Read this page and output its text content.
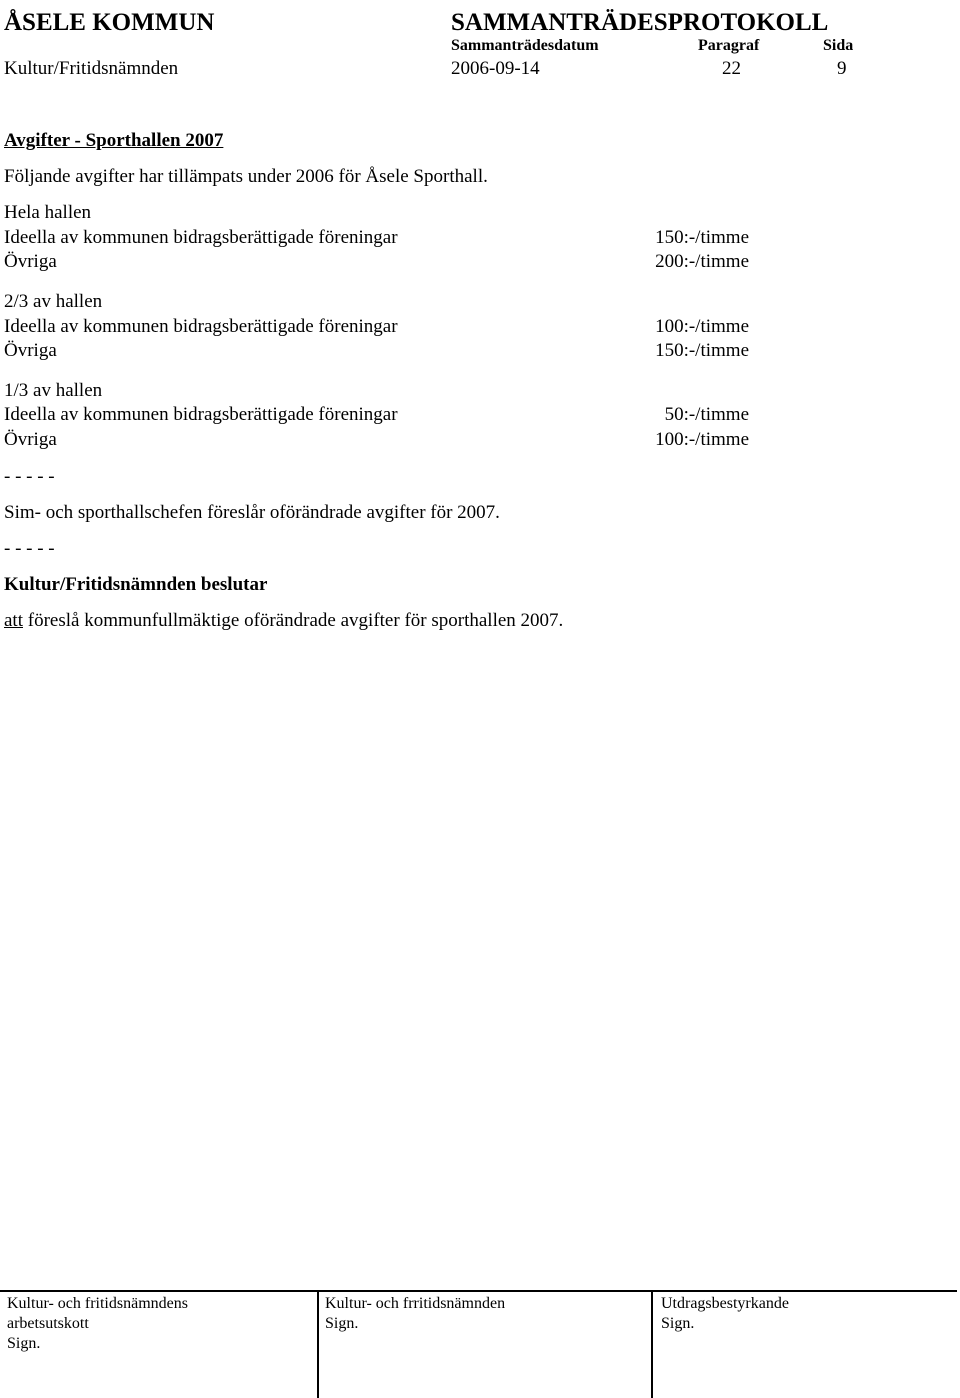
ÅSELE KOMMUN	SAMMANTRÄDESPROTOKOLL
Sammanträdesdatum	Paragraf	Sida
Kultur/Fritidsnämnden	2006-09-14	22	9
Avgifter - Sporthallen 2007
Följande avgifter har tillämpats under 2006 för Åsele Sporthall.
Hela hallen
Ideella av kommunen bidragsberättigade föreningar	150:-/timme
Övriga	200:-/timme
2/3 av hallen
Ideella av kommunen bidragsberättigade föreningar	100:-/timme
Övriga	150:-/timme
1/3 av hallen
Ideella av kommunen bidragsberättigade föreningar	50:-/timme
Övriga	100:-/timme
- - - - -
Sim- och sporthallschefen föreslår oförändrade avgifter för 2007.
- - - - -
Kultur/Fritidsnämnden beslutar
att föreslå kommunfullmäktige oförändrade avgifter för sporthallen 2007.
Kultur- och fritidsnämndens
arbetsutskott
Sign.
Kultur- och frritidsnämnden
Sign.
Utdragsbestyrkande
Sign.
